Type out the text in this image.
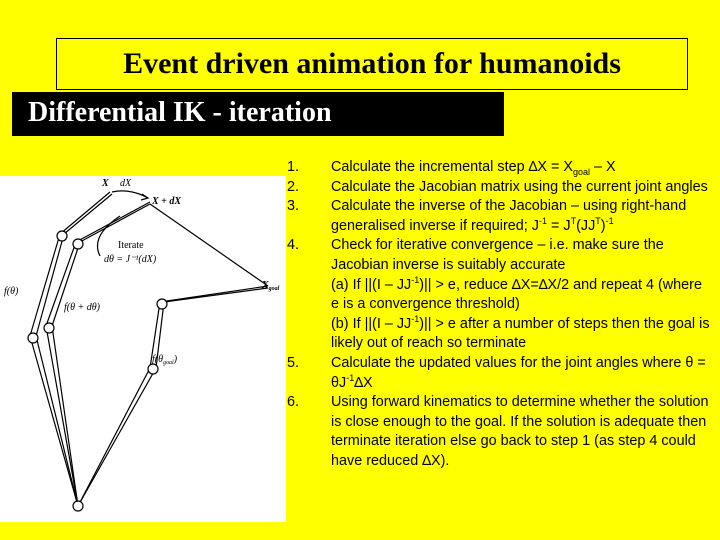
Event driven animation for humanoids
Differential IK - iteration
X dX
X + dX
$X_{goal}$
Iterate
dθ = J⁻¹(dX)
f(θ)
f(θ + dθ)
$f(\theta_{goal})$
1. Calculate the incremental step $\Delta X = X_{goal} - X$
2. Calculate the Jacobian matrix using the current joint angles
3. Calculate the inverse of the Jacobian – using right-hand generalised inverse if required; $J^{-1} = J^T(JJ^T)^{-1}$
4. Check for iterative convergence – i.e. make sure the Jacobian inverse is suitably accurate
(a) If $||(I - JJ^{-1})|| > e$, reduce ∆X=∆X/2 and repeat 4 (where e is a convergence threshold)
(b) If $||(I - JJ^{-1})|| > e$ after a number of steps then the goal is likely out of reach so terminate
5. Calculate the updated values for the joint angles where $\theta = \theta J^{-1}\Delta X$
6. Using forward kinematics to determine whether the solution is close enough to the goal. If the solution is adequate then terminate iteration else go back to step 1 (as step 4 could have reduced ∆X).
